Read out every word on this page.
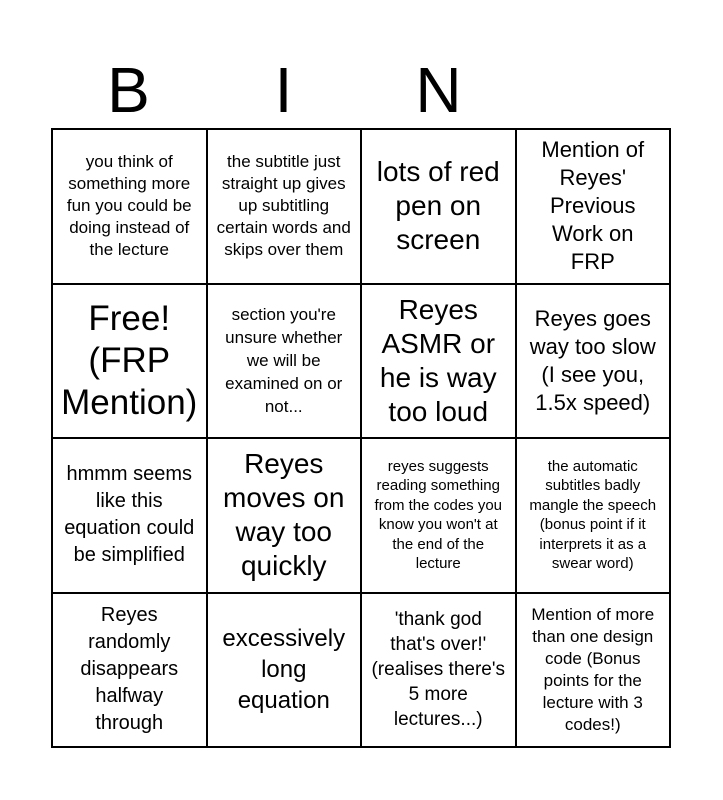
B	I	N
you think of something more fun you could be doing instead of the lecture
the subtitle just straight up gives up subtitling certain words and skips over them
lots of red pen on screen
Mention of Reyes' Previous Work on FRP
Free! (FRP Mention)
section you're unsure whether we will be examined on or not...
Reyes ASMR or he is way too loud
Reyes goes way too slow (I see you, 1.5x speed)
hmmm seems like this equation could be simplified
Reyes moves on way too quickly
reyes suggests reading something from the codes you know you won't at the end of the lecture
the automatic subtitles badly mangle the speech (bonus point if it interprets it as a swear word)
Reyes randomly disappears halfway through
excessively long equation
'thank god that's over!' (realises there's 5 more lectures...)
Mention of more than one design code (Bonus points for the lecture with 3 codes!)
